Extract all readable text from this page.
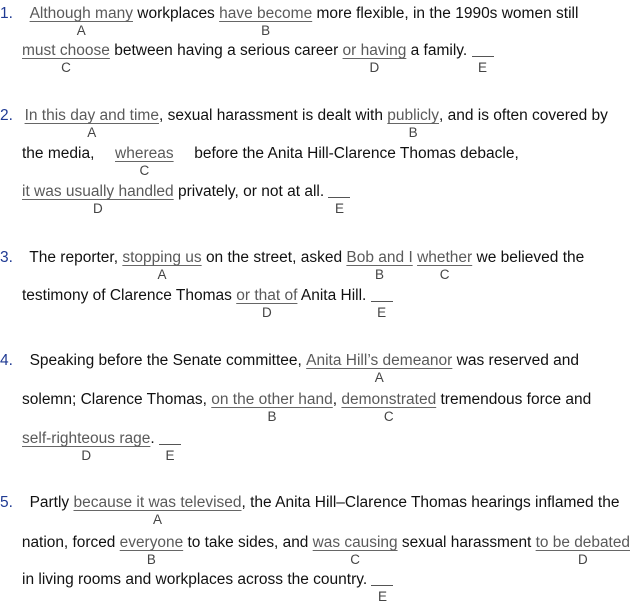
1. Although many
A
workplaces have become
B
more flexible, in the 1990s women still
must choose
C
between having a serious career or having
D
a family.
E
2. In this day and time
A
, sexual harassment is dealt with publicly
B
, and is often covered by
the media, whereas
C
before the Anita Hill-Clarence Thomas debacle,
it was usually handled
D
privately, or not at all.
E
3. The reporter, stopping us
A
on the street, asked Bob and I
B
whether
C
we believed the
testimony of Clarence Thomas or that of
D
Anita Hill.
E
4. Speaking before the Senate committee, Anita Hill’s demeanor
A
was reserved and
solemn; Clarence Thomas, on the other hand
B
, demonstrated
C
tremendous force and
self-righteous rage
D
.
E
5. Partly because it was televised
A
, the Anita Hill–Clarence Thomas hearings inflamed the
nation, forced everyone
B
to take sides, and was causing
C
sexual harassment to be debated
D
in living rooms and workplaces across the country.
E
